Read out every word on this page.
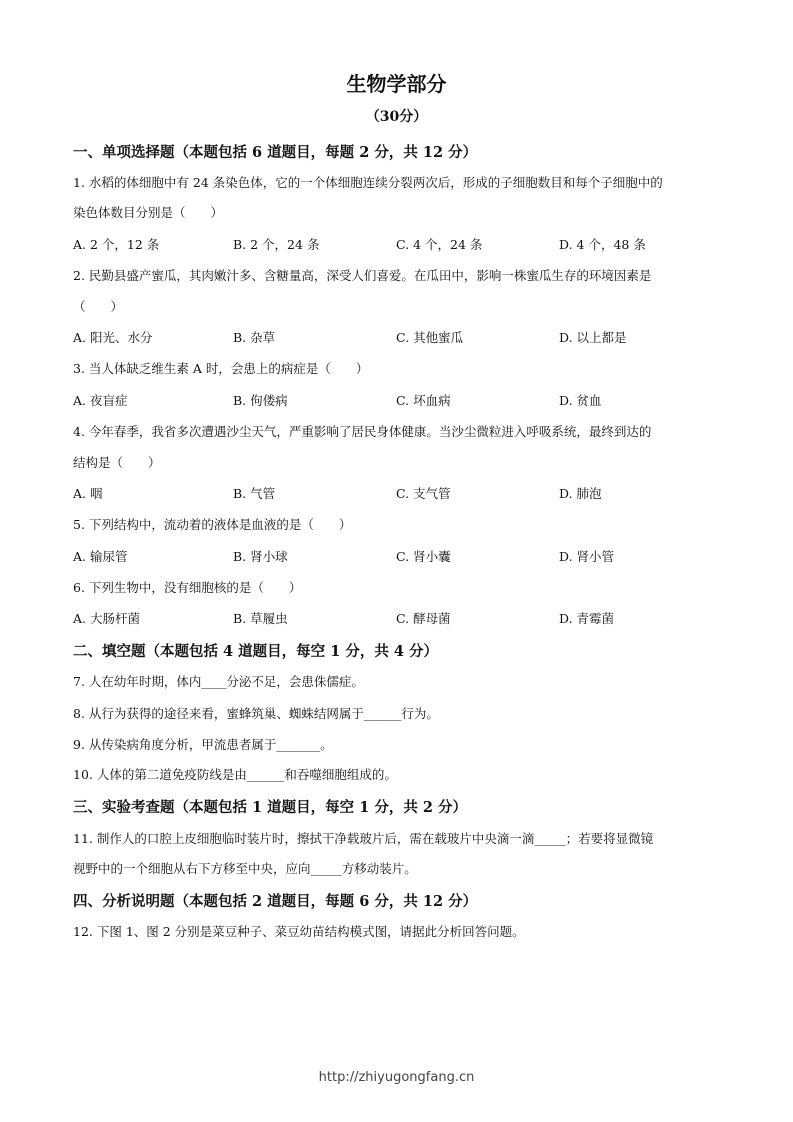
生物学部分
（30分）
一、单项选择题（本题包括 6 道题目，每题 2 分，共 12 分）
1. 水稻的体细胞中有 24 条染色体，它的一个体细胞连续分裂两次后，形成的子细胞数目和每个子细胞中的
染色体数目分别是（　　）
A. 2 个，12 条	B. 2 个，24 条	C. 4 个，24 条	D. 4 个，48 条
2. 民勤县盛产蜜瓜，其肉嫩汁多、含糖量高，深受人们喜爱。在瓜田中，影响一株蜜瓜生存的环境因素是
（　　）
A. 阳光、水分	B. 杂草	C. 其他蜜瓜	D. 以上都是
3. 当人体缺乏维生素 A 时，会患上的病症是（　　）
A. 夜盲症	B. 佝偻病	C. 坏血病	D. 贫血
4. 今年春季，我省多次遭遇沙尘天气，严重影响了居民身体健康。当沙尘微粒进入呼吸系统，最终到达的
结构是（　　）
A. 咽	B. 气管	C. 支气管	D. 肺泡
5. 下列结构中，流动着的液体是血液的是（　　）
A. 输尿管	B. 肾小球	C. 肾小囊	D. 肾小管
6. 下列生物中，没有细胞核的是（　　）
A. 大肠杆菌	B. 草履虫	C. 酵母菌	D. 青霉菌
二、填空题（本题包括 4 道题目，每空 1 分，共 4 分）
7. 人在幼年时期，体内____分泌不足，会患侏儒症。
8. 从行为获得的途径来看，蜜蜂筑巢、蜘蛛结网属于______行为。
9. 从传染病角度分析，甲流患者属于_______。
10. 人体的第二道免疫防线是由______和吞噬细胞组成的。
三、实验考查题（本题包括 1 道题目，每空 1 分，共 2 分）
11. 制作人的口腔上皮细胞临时装片时，擦拭干净载玻片后，需在载玻片中央滴一滴_____；若要将显微镜
视野中的一个细胞从右下方移至中央，应向_____方移动装片。
四、分析说明题（本题包括 2 道题目，每题 6 分，共 12 分）
12. 下图 1、图 2 分别是菜豆种子、菜豆幼苗结构模式图，请据此分析回答问题。
http://zhiyugongfang.cn
